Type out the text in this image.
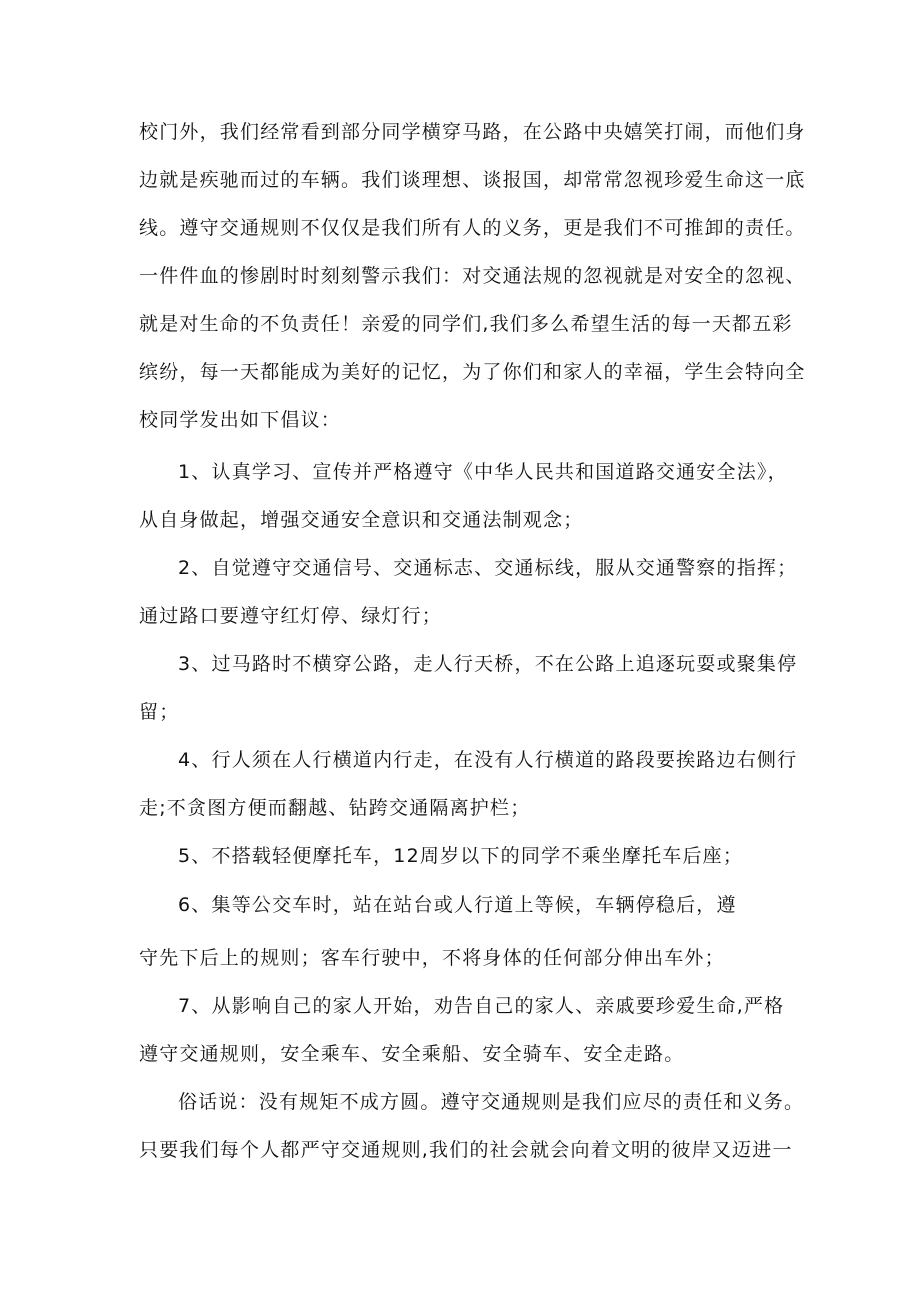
校门外，我们经常看到部分同学横穿马路，在公路中央嬉笑打闹，而他们身

边就是疾驰而过的车辆。我们谈理想、谈报国，却常常忽视珍爱生命这一底

线。遵守交通规则不仅仅是我们所有人的义务，更是我们不可推卸的责任。

一件件血的惨剧时时刻刻警示我们：对交通法规的忽视就是对安全的忽视、

就是对生命的不负责任！亲爱的同学们,我们多么希望生活的每一天都五彩

缤纷，每一天都能成为美好的记忆，为了你们和家人的幸福，学生会特向全

校同学发出如下倡议：

1、认真学习、宣传并严格遵守《中华人民共和国道路交通安全法》，

从自身做起，增强交通安全意识和交通法制观念；

2、自觉遵守交通信号、交通标志、交通标线，服从交通警察的指挥；

通过路口要遵守红灯停、绿灯行；

3、过马路时不横穿公路，走人行天桥，不在公路上追逐玩耍或聚集停

留；

4、行人须在人行横道内行走，在没有人行横道的路段要挨路边右侧行

走;不贪图方便而翻越、钻跨交通隔离护栏；

5、不搭载轻便摩托车，12周岁以下的同学不乘坐摩托车后座；

6、集等公交车时，站在站台或人行道上等候，车辆停稳后，遵

守先下后上的规则；客车行驶中，不将身体的任何部分伸出车外；

7、从影响自己的家人开始，劝告自己的家人、亲戚要珍爱生命,严格

遵守交通规则，安全乘车、安全乘船、安全骑车、安全走路。

俗话说：没有规矩不成方圆。遵守交通规则是我们应尽的责任和义务。

只要我们每个人都严守交通规则,我们的社会就会向着文明的彼岸又迈进一
